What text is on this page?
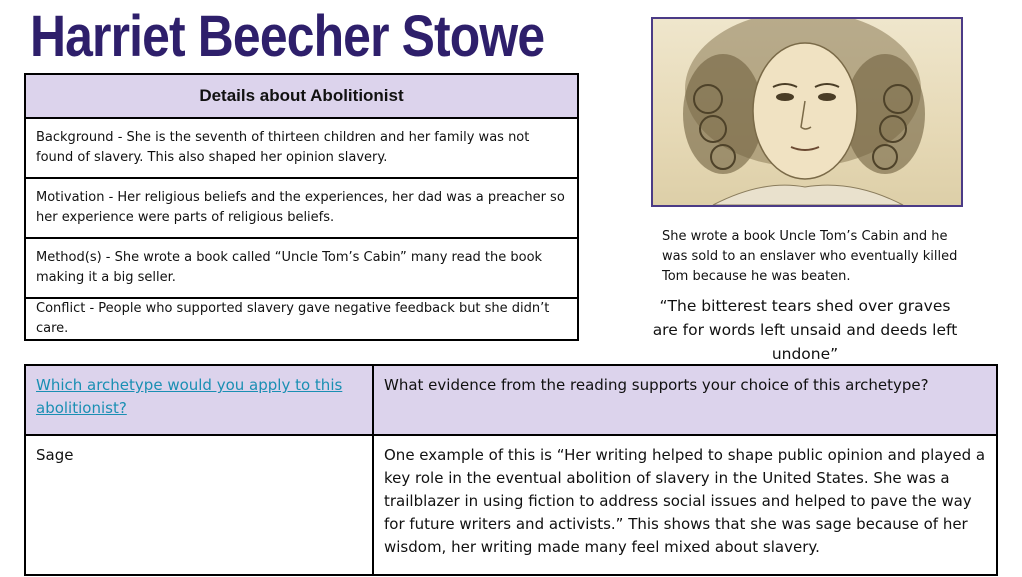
Harriet Beecher Stowe
Details about Abolitionist
Background - She is the seventh of thirteen children and her family was not found of slavery. This also shaped her opinion slavery.
Motivation - Her religious beliefs and the experiences, her dad was a preacher so her experience were parts of religious beliefs.
Method(s) - She wrote a book called “Uncle Tom’s Cabin” many read the book making it a big seller.
Conflict - People who supported slavery gave negative feedback but she didn’t care.
She wrote a book Uncle Tom’s Cabin and he was sold to an enslaver who eventually killed Tom because he was beaten.
“The bitterest tears shed over graves are for words left unsaid and deeds left undone”
Which archetype would you apply to this abolitionist?	What evidence from the reading supports your choice of this archetype?
Sage	One example of this is “Her writing helped to shape public opinion and played a key role in the eventual abolition of slavery in the United States. She was a trailblazer in using fiction to address social issues and helped to pave the way for future writers and activists.” This shows that she was sage because of her wisdom, her writing made many feel mixed about slavery.
